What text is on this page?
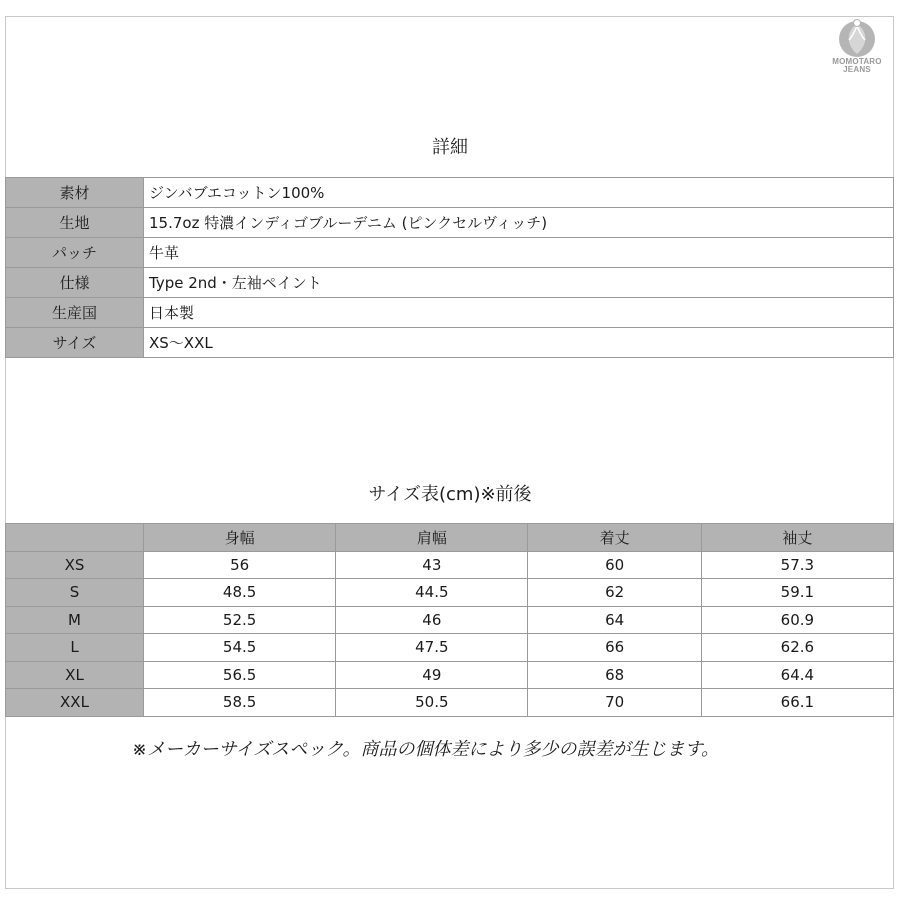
MOMOTARO
JEANS
詳細
素材	ジンバブエコットン100%
生地	15.7oz 特濃インディゴブルーデニム (ピンクセルヴィッチ)
パッチ	牛革
仕様	Type 2nd・左袖ペイント
生産国	日本製
サイズ	XS〜XXL
サイズ表(cm)※前後
	身幅	肩幅	着丈	袖丈
XS	56	43	60	57.3
S	48.5	44.5	62	59.1
M	52.5	46	64	60.9
L	54.5	47.5	66	62.6
XL	56.5	49	68	64.4
XXL	58.5	50.5	70	66.1
※メーカーサイズスペック。商品の個体差により多少の誤差が生じます。
